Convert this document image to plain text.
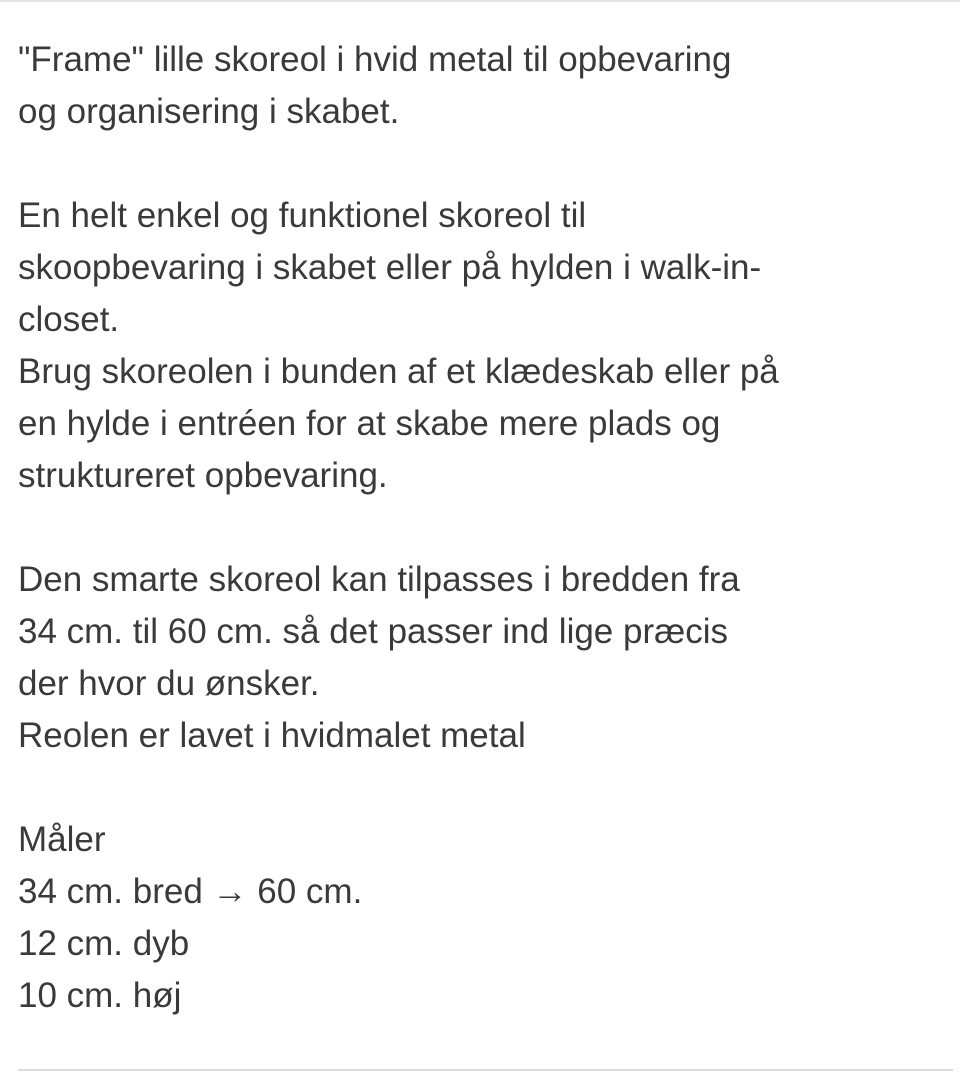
"Frame" lille skoreol i hvid metal til opbevaring
og organisering i skabet.
En helt enkel og funktionel skoreol til
skoopbevaring i skabet eller på hylden i walk-in-
closet.
Brug skoreolen i bunden af et klædeskab eller på
en hylde i entréen for at skabe mere plads og
struktureret opbevaring.
Den smarte skoreol kan tilpasses i bredden fra
34 cm. til 60 cm. så det passer ind lige præcis
der hvor du ønsker.
Reolen er lavet i hvidmalet metal
Måler
34 cm. bred → 60 cm.
12 cm. dyb
10 cm. høj
